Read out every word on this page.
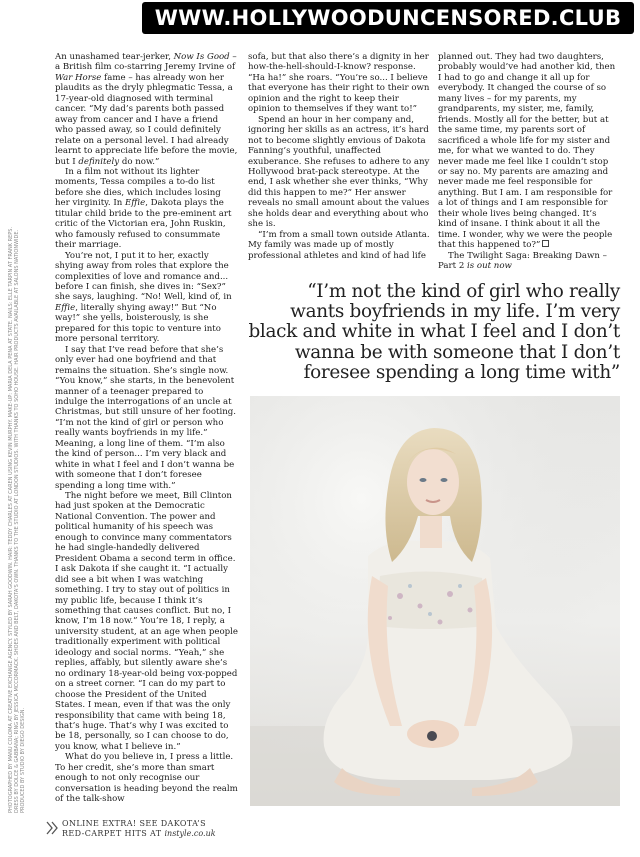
WWW.HOLLYWOODUNCENSORED.CLUB
PHOTOGRAPHED BY MANU COLOMA AT CREATIVE EXCHANGE AGENCY. STYLED BY SARAH GOODWIN. HAIR: TEDDY CHARLES AT CAREN USING KEVIN MURPHY. MAKE-UP: MARIA DELA PENA AT STATE. NAILS: ELLE TARPIN AT FRANK REPS. DRESS BY DOLCE & GABBANA; RING BY JESSICA MCCORMACK. SHOES AND BELT, DAKOTA'S OWN. THANKS TO THE STUDIO AT LONDON STUDIOS. WITH THANKS TO SOHO HOUSE. HAIR PRODUCTS AVAILABLE AT SALONS NATIONWIDE. PRODUCED BY STUDIO BY DIEGO DESIGN.

An unashamed tear-jerker, Now Is Good – a British film co-starring Jeremy Irvine of War Horse fame – has already won her plaudits as the dryly phlegmatic Tessa, a 17-year-old diagnosed with terminal cancer. “My dad’s parents both passed away from cancer and I have a friend who passed away, so I could definitely relate on a personal level. I had already learnt to appreciate life before the movie, but I definitely do now.”

In a film not without its lighter moments, Tessa compiles a to-do list before she dies, which includes losing her virginity. In Effie, Dakota plays the titular child bride to the pre-eminent art critic of the Victorian era, John Ruskin, who famously refused to consummate their marriage.

You’re not, I put it to her, exactly shying away from roles that explore the complexities of love and romance and... before I can finish, she dives in: “Sex?” she says, laughing. “No! Well, kind of, in Effie, literally shying away!” But “No way!” she yells, boisterously, is she prepared for this topic to venture into more personal territory.

I say that I’ve read before that she’s only ever had one boyfriend and that remains the situation. She’s single now. “You know,” she starts, in the benevolent manner of a teenager prepared to indulge the interrogations of an uncle at Christmas, but still unsure of her footing. “I’m not the kind of girl or person who really wants boyfriends in my life.” Meaning, a long line of them. “I’m also the kind of person... I’m very black and white in what I feel and I don’t wanna be with someone that I don’t foresee spending a long time with.”

The night before we meet, Bill Clinton had just spoken at the Democratic National Convention. The power and political humanity of his speech was enough to convince many commentators he had single-handedly delivered President Obama a second term in office. I ask Dakota if she caught it. “I actually did see a bit when I was watching something. I try to stay out of politics in my public life, because I think it’s something that causes conflict. But no, I know, I’m 18 now.” You’re 18, I reply, a university student, at an age when people traditionally experiment with political ideology and social norms. “Yeah,” she replies, affably, but silently aware she’s no ordinary 18-year-old being vox-popped on a street corner. “I can do my part to choose the President of the United States. I mean, even if that was the only responsibility that came with being 18, that’s huge. That’s why I was excited to be 18, personally, so I can choose to do, you know, what I believe in.”

What do you believe in, I press a little. To her credit, she’s more than smart enough to not only recognise our conversation is heading beyond the realm of the talk-show

sofa, but that also there’s a dignity in her how-the-hell-should-I-know? response. “Ha ha!” she roars. “You’re so... I believe that everyone has their right to their own opinion and the right to keep their opinion to themselves if they want to!”

Spend an hour in her company and, ignoring her skills as an actress, it’s hard not to become slightly envious of Dakota Fanning’s youthful, unaffected exuberance. She refuses to adhere to any Hollywood brat-pack stereotype. At the end, I ask whether she ever thinks, “Why did this happen to me?” Her answer reveals no small amount about the values she holds dear and everything about who she is.

“I’m from a small town outside Atlanta. My family was made up of mostly professional athletes and kind of had life

planned out. They had two daughters, probably would’ve had another kid, then I had to go and change it all up for everybody. It changed the course of so many lives – for my parents, my grandparents, my sister, me, family, friends. Mostly all for the better, but at the same time, my parents sort of sacrificed a whole life for my sister and me, for what we wanted to do. They never made me feel like I couldn’t stop or say no. My parents are amazing and never made me feel responsible for anything. But I am. I am responsible for a lot of things and I am responsible for their whole lives being changed. It’s kind of insane. I think about it all the time. I wonder, why we were the people that this happened to?”

The Twilight Saga: Breaking Dawn – Part 2 is out now

“I’m not the kind of girl who really wants boyfriends in my life. I’m very black and white in what I feel and I don’t wanna be with someone that I don’t foresee spending a long time with”
ONLINE EXTRA! SEE DAKOTA’S
RED-CARPET HITS AT instyle.co.uk
